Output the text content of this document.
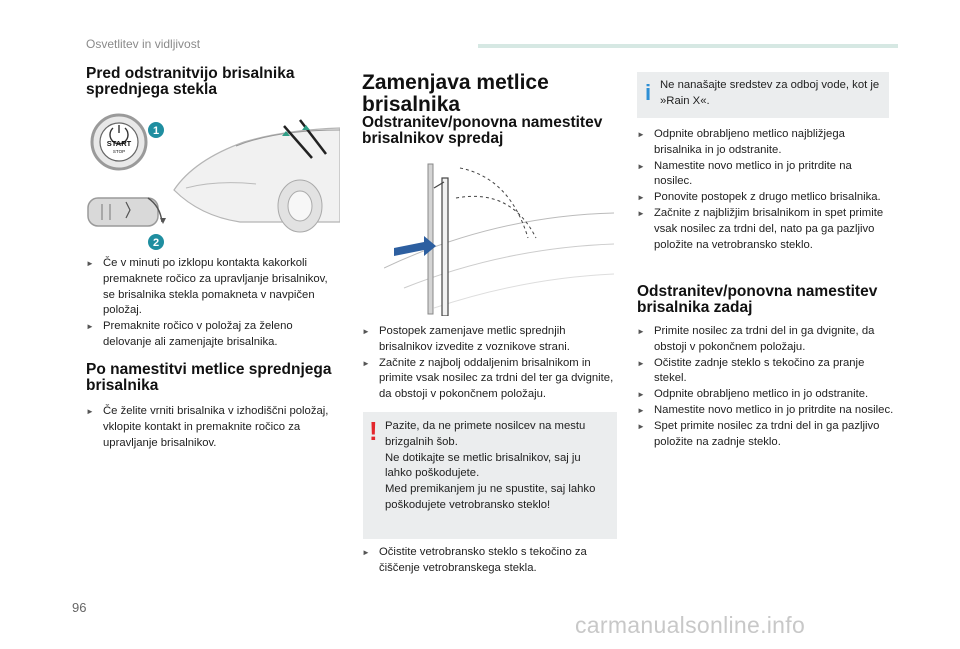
Osvetlitev in vidljivost
Pred odstranitvijo brisalnika sprednjega stekla
START
STOP
1
2
► Če v minuti po izklopu kontakta kakorkoli premaknete ročico za upravljanje brisalnikov, se brisalnika stekla pomakneta v navpičen položaj.
► Premaknite ročico v položaj za želeno delovanje ali zamenjajte brisalnika.
Po namestitvi metlice sprednjega brisalnika
► Če želite vrniti brisalnika v izhodiščni položaj, vklopite kontakt in premaknite ročico za upravljanje brisalnikov.
Zamenjava metlice brisalnika
Odstranitev/ponovna namestitev brisalnikov spredaj
► Postopek zamenjave metlic sprednjih brisalnikov izvedite z voznikove strani.
► Začnite z najbolj oddaljenim brisalnikom in primite vsak nosilec za trdni del ter ga dvignite, da obstoji v pokončnem položaju.
! Pazite, da ne primete nosilcev na mestu brizgalnih šob.
Ne dotikajte se metlic brisalnikov, saj ju lahko poškodujete.
Med premikanjem ju ne spustite, saj lahko poškodujete vetrobransko steklo!
► Očistite vetrobransko steklo s tekočino za čiščenje vetrobranskega stekla.
i Ne nanašajte sredstev za odboj vode, kot je »Rain X«.
► Odpnite obrabljeno metlico najbližjega brisalnika in jo odstranite.
► Namestite novo metlico in jo pritrdite na nosilec.
► Ponovite postopek z drugo metlico brisalnika.
► Začnite z najbližjim brisalnikom in spet primite vsak nosilec za trdni del, nato pa ga pazljivo položite na vetrobransko steklo.
Odstranitev/ponovna namestitev brisalnika zadaj
► Primite nosilec za trdni del in ga dvignite, da obstoji v pokončnem položaju.
► Očistite zadnje steklo s tekočino za pranje stekel.
► Odpnite obrabljeno metlico in jo odstranite.
► Namestite novo metlico in jo pritrdite na nosilec.
► Spet primite nosilec za trdni del in ga pazljivo položite na zadnje steklo.
96
carmanualsonline.info
